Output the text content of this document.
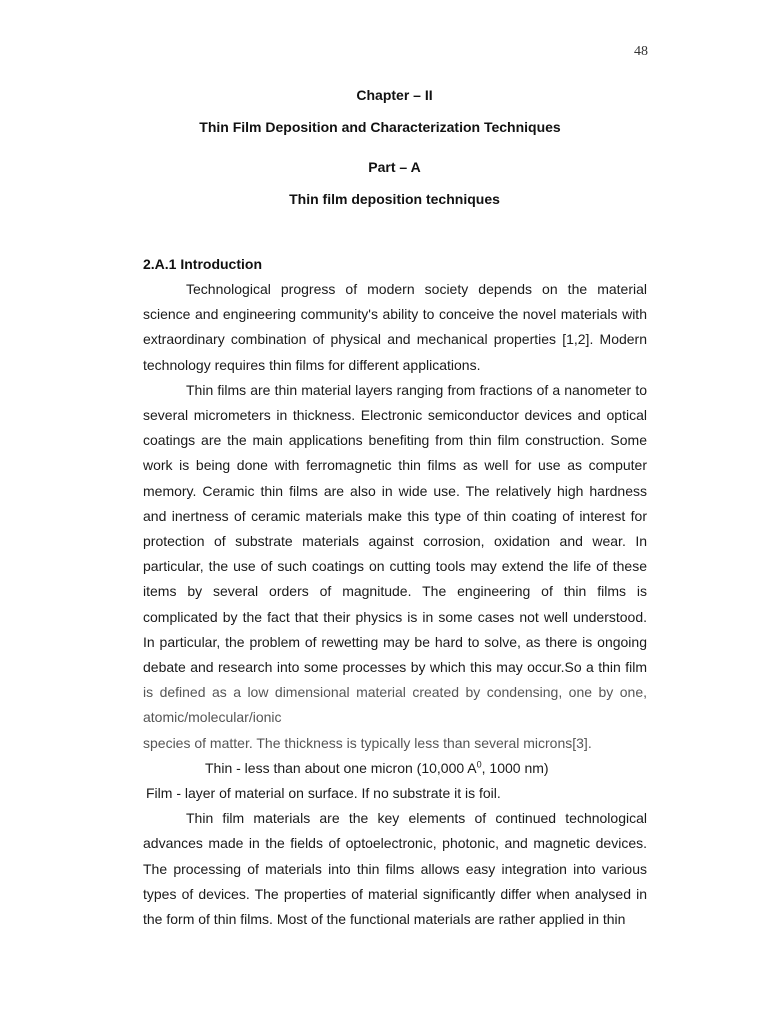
48
Chapter – II
Thin Film Deposition and Characterization Techniques
Part – A
Thin film deposition techniques
2.A.1 Introduction

Technological progress of modern society depends on the material science and engineering community's ability to conceive the novel materials with extraordinary combination of physical and mechanical properties [1,2]. Modern technology requires thin films for different applications.

Thin films are thin material layers ranging from fractions of a nanometer to several micrometers in thickness. Electronic semiconductor devices and optical coatings are the main applications benefiting from thin film construction. Some work is being done with ferromagnetic thin films as well for use as computer memory. Ceramic thin films are also in wide use. The relatively high hardness and inertness of ceramic materials make this type of thin coating of interest for protection of substrate materials against corrosion, oxidation and wear. In particular, the use of such coatings on cutting tools may extend the life of these items by several orders of magnitude. The engineering of thin films is complicated by the fact that their physics is in some cases not well understood. In particular, the problem of rewetting may be hard to solve, as there is ongoing debate and research into some processes by which this may occur.So a thin film is defined as a low dimensional material created by condensing, one by one, atomic/molecular/ionic

species of matter. The thickness is typically less than several microns[3].

Thin - less than about one micron (10,000 $A^0$, 1000 nm)

Film - layer of material on surface. If no substrate it is foil.

Thin film materials are the key elements of continued technological advances made in the fields of optoelectronic, photonic, and magnetic devices. The processing of materials into thin films allows easy integration into various types of devices. The properties of material significantly differ when analysed in the form of thin films. Most of the functional materials are rather applied in thin
